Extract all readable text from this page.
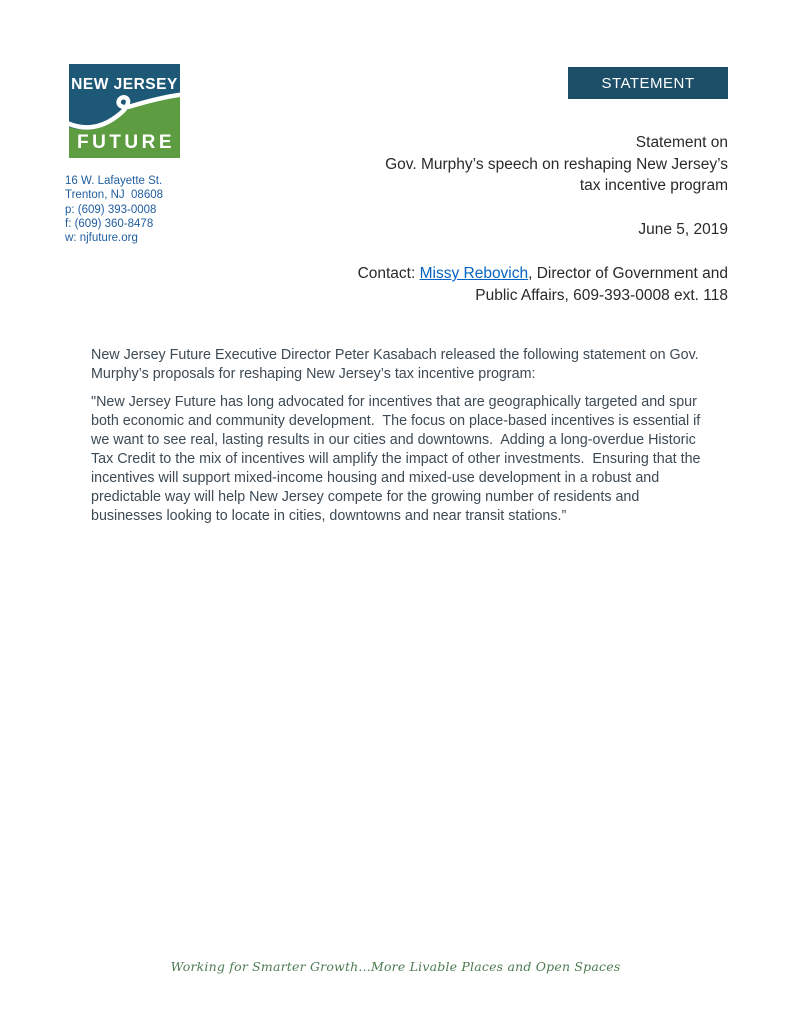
NEW JERSEY
FUTURE
16 W. Lafayette St.
Trenton, NJ  08608
p: (609) 393-0008
f: (609) 360-8478
w: njfuture.org
STATEMENT
Statement on
Gov. Murphy’s speech on reshaping New Jersey’s
tax incentive program
June 5, 2019
Contact: Missy Rebovich, Director of Government and
Public Affairs, 609-393-0008 ext. 118

New Jersey Future Executive Director Peter Kasabach released the following statement on Gov. Murphy’s proposals for reshaping New Jersey’s tax incentive program:

"New Jersey Future has long advocated for incentives that are geographically targeted and spur both economic and community development.  The focus on place-based incentives is essential if we want to see real, lasting results in our cities and downtowns.  Adding a long-overdue Historic Tax Credit to the mix of incentives will amplify the impact of other investments.  Ensuring that the incentives will support mixed-income housing and mixed-use development in a robust and predictable way will help New Jersey compete for the growing number of residents and businesses looking to locate in cities, downtowns and near transit stations.”

Working for Smarter Growth...More Livable Places and Open Spaces
